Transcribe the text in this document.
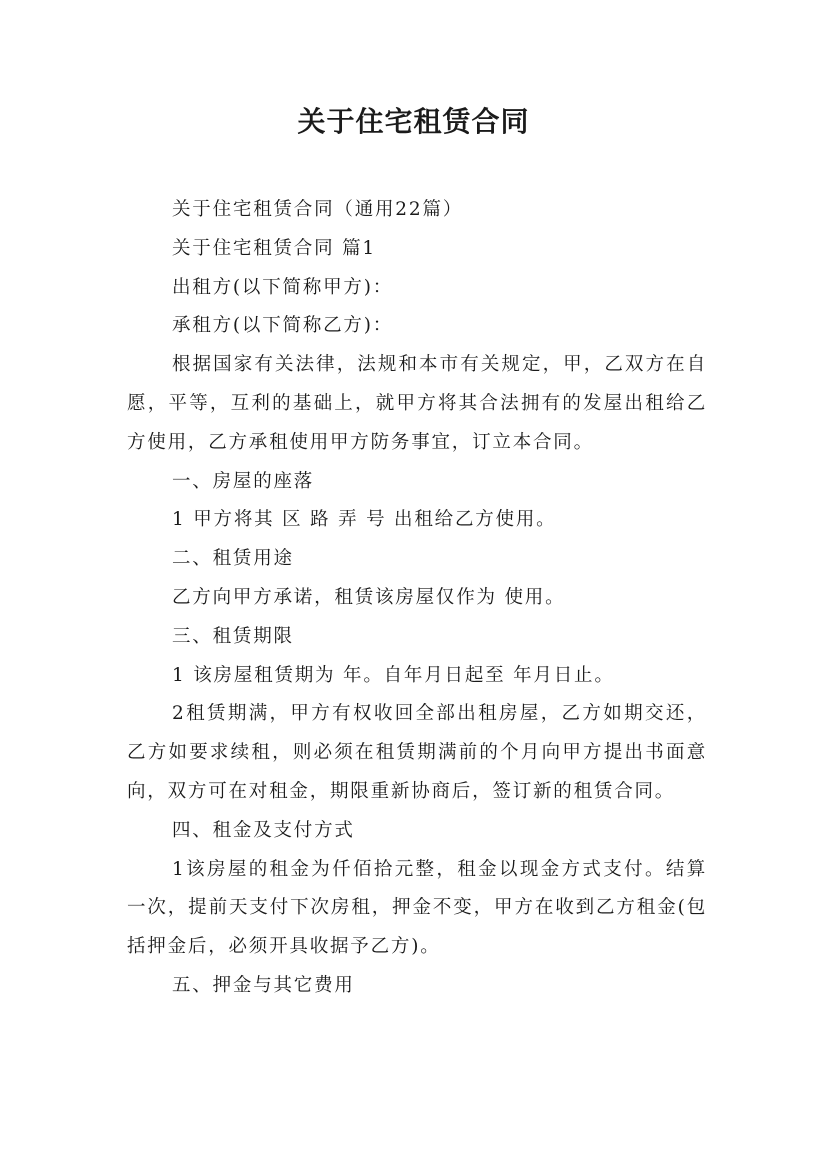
关于住宅租赁合同

关于住宅租赁合同（通用22篇）

关于住宅租赁合同 篇1

出租方(以下简称甲方)：

承租方(以下简称乙方)：

根据国家有关法律，法规和本市有关规定，甲，乙双方在自愿，平等，互利的基础上，就甲方将其合法拥有的发屋出租给乙方使用，乙方承租使用甲方防务事宜，订立本合同。

一、房屋的座落

1 甲方将其 区 路 弄 号 出租给乙方使用。

二、租赁用途

乙方向甲方承诺，租赁该房屋仅作为 使用。

三、租赁期限

1 该房屋租赁期为 年。自年月日起至 年月日止。

2租赁期满，甲方有权收回全部出租房屋，乙方如期交还，乙方如要求续租，则必须在租赁期满前的个月向甲方提出书面意向，双方可在对租金，期限重新协商后，签订新的租赁合同。

四、租金及支付方式

1该房屋的租金为仟佰拾元整，租金以现金方式支付。结算一次，提前天支付下次房租，押金不变，甲方在收到乙方租金(包括押金后，必须开具收据予乙方)。

五、押金与其它费用
